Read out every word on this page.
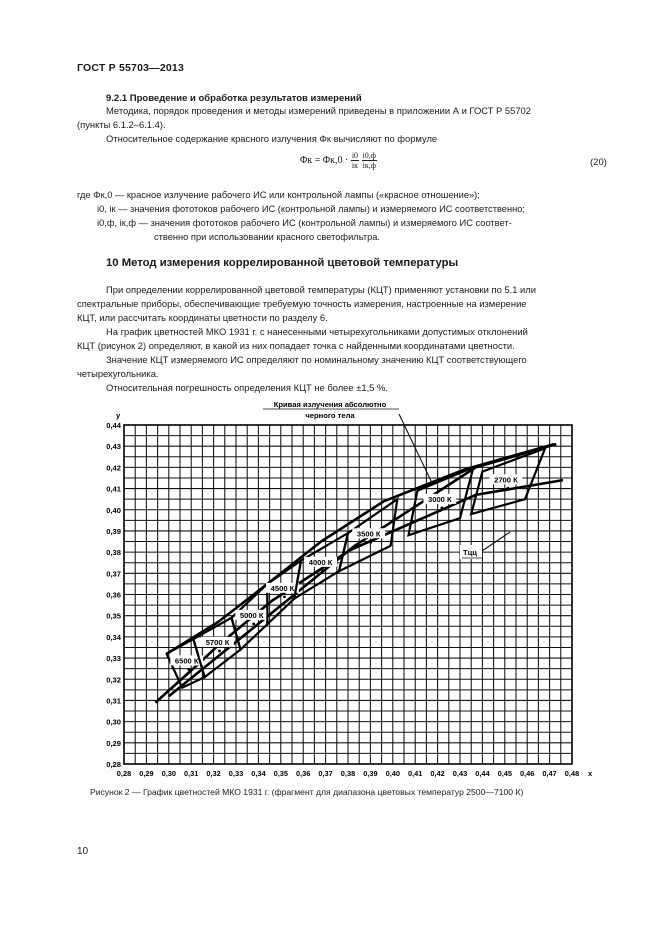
ГОСТ Р 55703—2013
9.2.1 Проведение и обработка результатов измерений
Методика, порядок проведения и методы измерений приведены в приложении А и ГОСТ Р 55702
(пункты 6.1.2–6.1.4).
Относительное содержание красного излучения Φк вычисляют по формуле
$\Phi к = \Phi к,0 \cdot \frac{i0}{iк}$
$\frac{i0,ф}{iк,ф}$	(20)
где Φк,0 — красное излучение рабочего ИС или контрольной лампы («красное отношение»);
i0, iк — значения фототоков рабочего ИС (контрольной лампы) и измеряемого ИС соответственно;
i0,ф, iк,ф — значения фототоков рабочего ИС (контрольной лампы) и измеряемого ИС соответ-
ственно при использовании красного светофильтра.
10 Метод измерения коррелированной цветовой температуры
При определении коррелированной цветовой температуры (КЦТ) применяют установки по 5.1 или
спектральные приборы, обеспечивающие требуемую точность измерения, настроенные на измерение
КЦТ, или рассчитать координаты цветности по разделу 6.
На график цветностей МКО 1931 г. с нанесенными четырехугольниками допустимых отклонений
КЦТ (рисунок 2) определяют, в какой из них попадает точка с найденными координатами цветности.
Значение КЦТ измеряемого ИС определяют по номинальному значению КЦТ соответствующего
четырехугольника.
Относительная погрешность определения КЦТ не более ±1,5 %.
0,44
0,43
0,42
0,41
0,40
0,39
0,38
0,37
0,36
0,35
0,34
0,33
0,32
0,31
0,30
0,29
0,28
0,28 0,29 0,30 0,31 0,32 0,33 0,34 0,35 0,36 0,37 0,38 0,39 0,40 0,41 0,42 0,43 0,44 0,45 0,46 0,47 0,48
6500 К
5700 К
5000 К
4500 К
4000 К
3500 К
3000 К
2700 К
y
x
Кривая излучения абсолютно
черного тела
Tцц
Рисунок 2 — График цветностей МКО 1931 г. (фрагмент для диапазона цветовых температур 2500—7100 К)
10
